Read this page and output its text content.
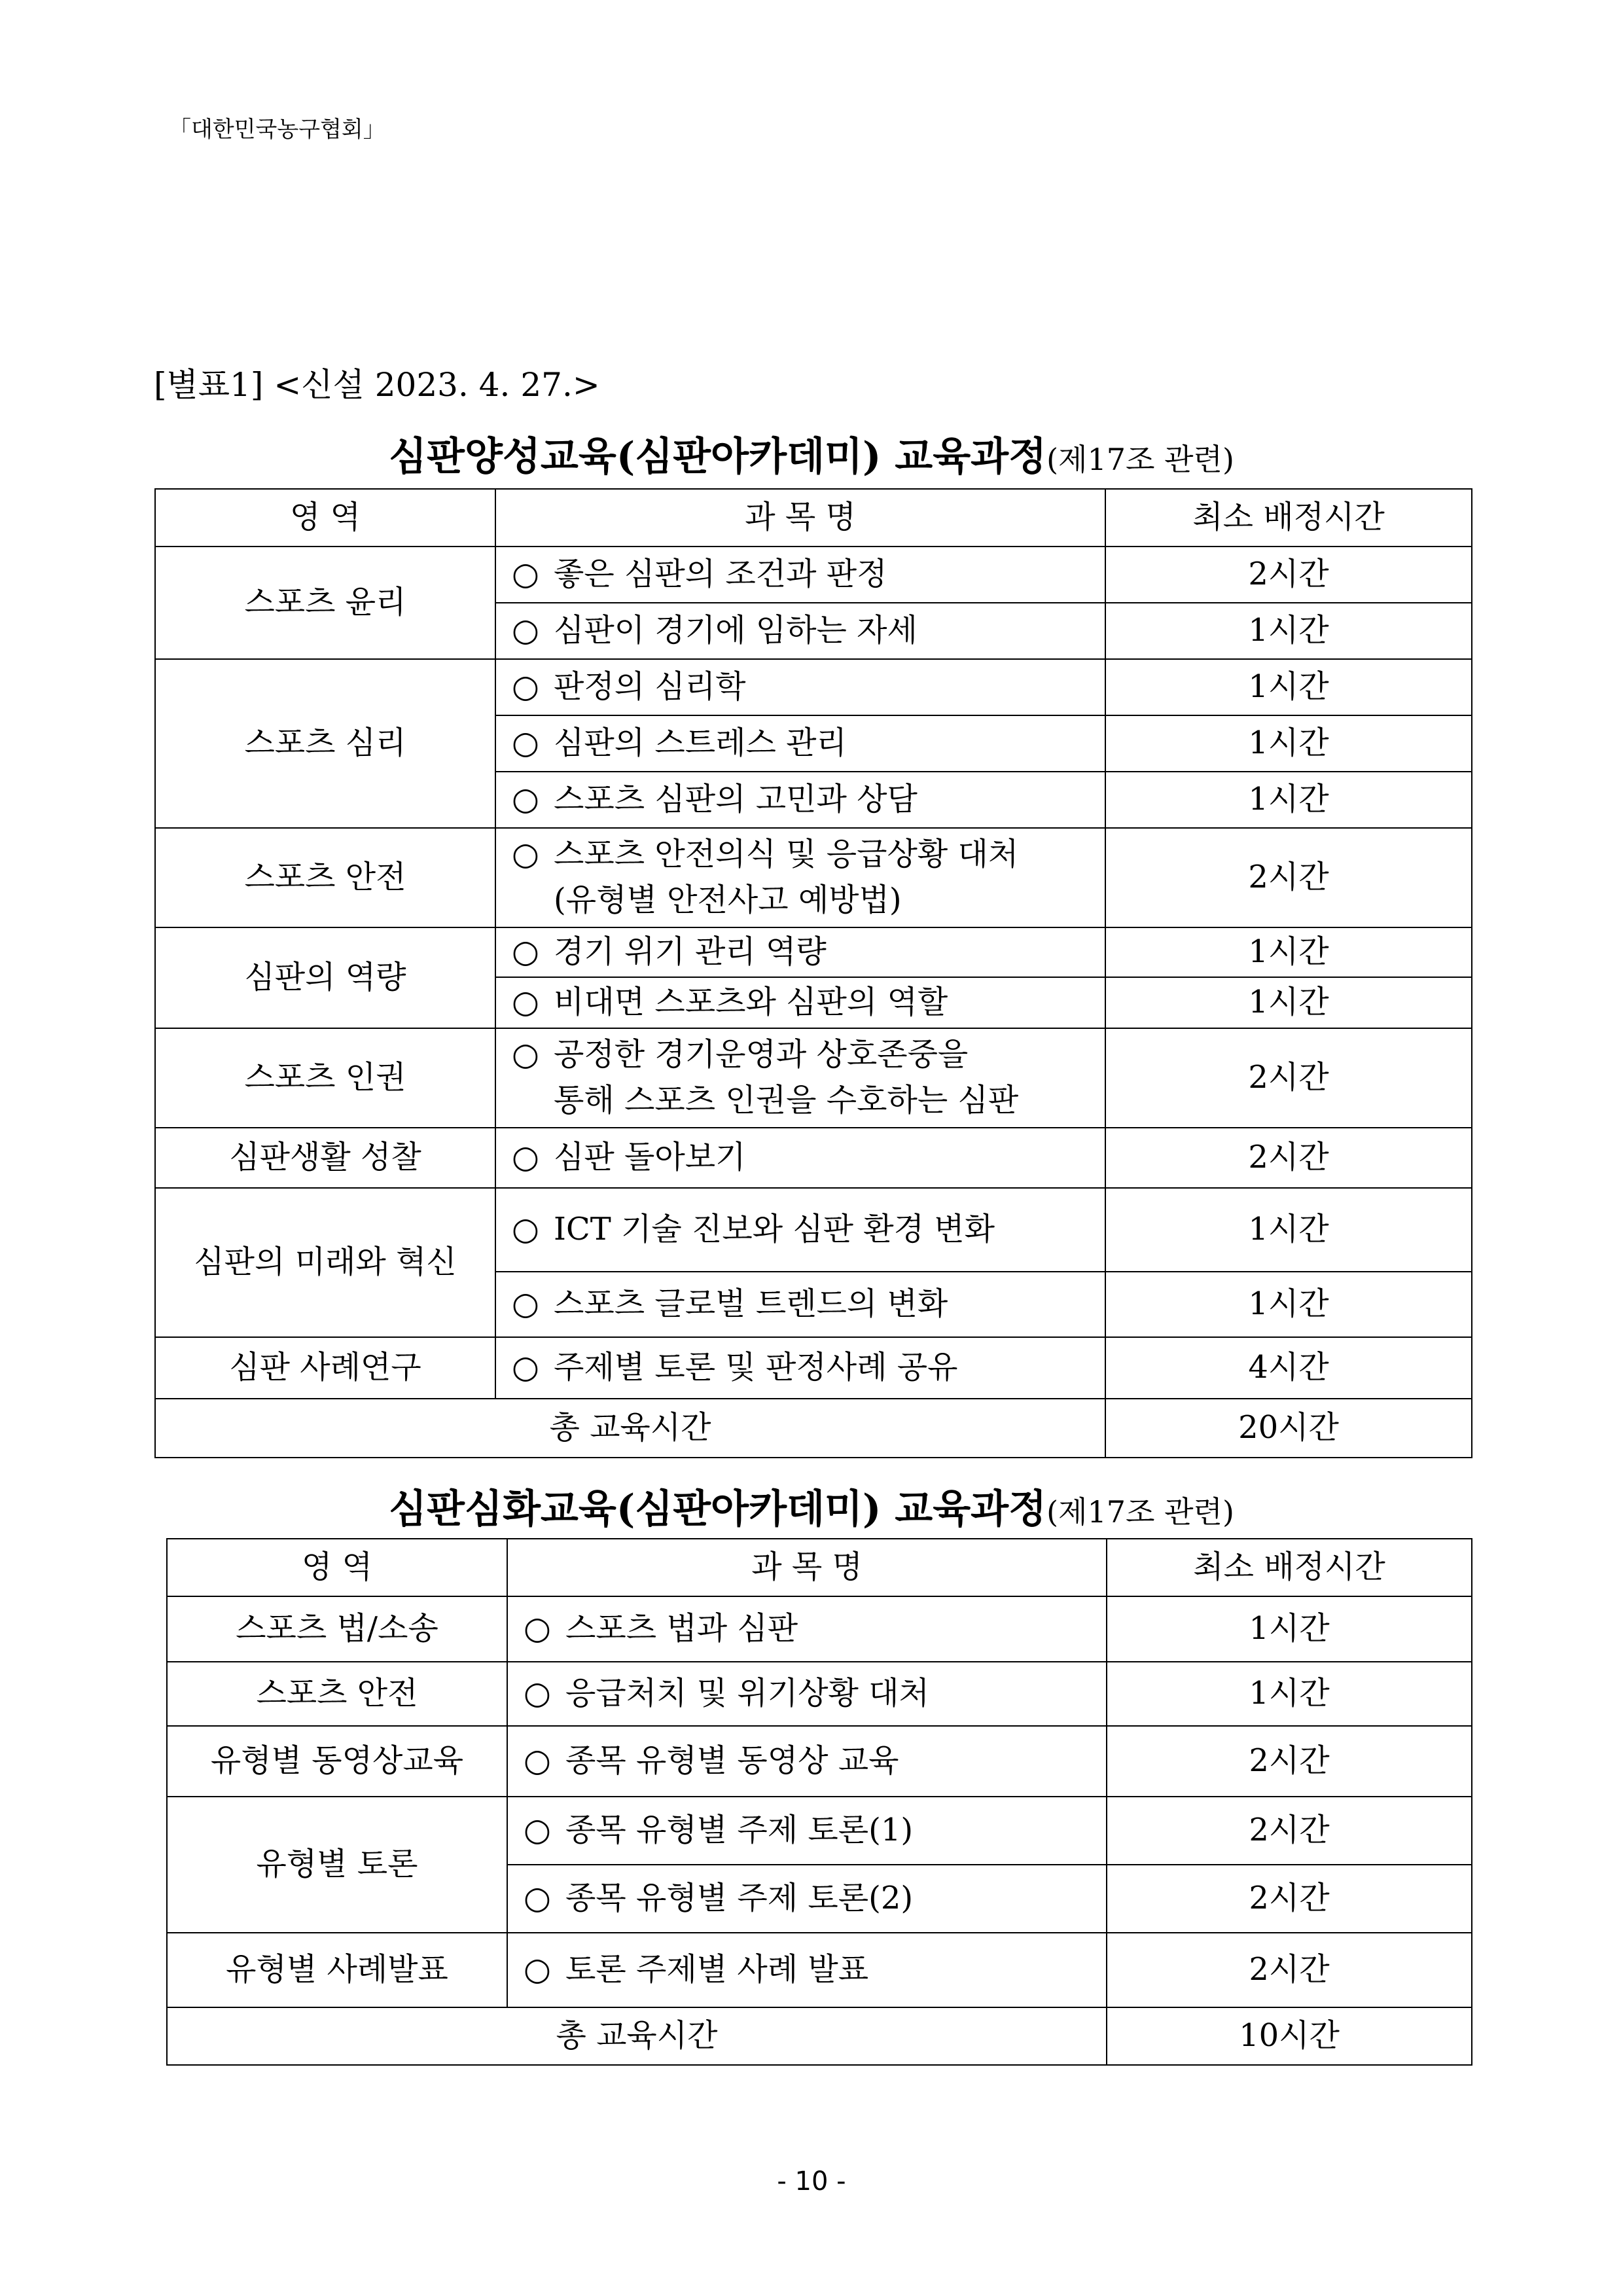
「대한민국농구협회」
[별표1] <신설 2023. 4. 27.>
심판양성교육(심판아카데미) 교육과정(제17조 관련)
영 역	과 목 명	최소 배정시간
스포츠 윤리	○ 좋은 심판의 조건과 판정	2시간
	○ 심판이 경기에 임하는 자세	1시간
스포츠 심리	○ 판정의 심리학	1시간
	○ 심판의 스트레스 관리	1시간
	○ 스포츠 심판의 고민과 상담	1시간
스포츠 안전	○ 스포츠 안전의식 및 응급상황 대처
(유형별 안전사고 예방법)	2시간
심판의 역량	○ 경기 위기 관리 역량	1시간
	○ 비대면 스포츠와 심판의 역할	1시간
스포츠 인권	○ 공정한 경기운영과 상호존중을
통해 스포츠 인권을 수호하는 심판	2시간
심판생활 성찰	○ 심판 돌아보기	2시간
심판의 미래와 혁신	○ ICT 기술 진보와 심판 환경 변화	1시간
	○ 스포츠 글로벌 트렌드의 변화	1시간
심판 사례연구	○ 주제별 토론 및 판정사례 공유	4시간
총 교육시간		20시간
심판심화교육(심판아카데미) 교육과정(제17조 관련)
영 역	과 목 명	최소 배정시간
스포츠 법/소송	○ 스포츠 법과 심판	1시간
스포츠 안전	○ 응급처치 및 위기상황 대처	1시간
유형별 동영상교육	○ 종목 유형별 동영상 교육	2시간
유형별 토론	○ 종목 유형별 주제 토론(1)	2시간
	○ 종목 유형별 주제 토론(2)	2시간
유형별 사례발표	○ 토론 주제별 사례 발표	2시간
총 교육시간		10시간
- 10 -
